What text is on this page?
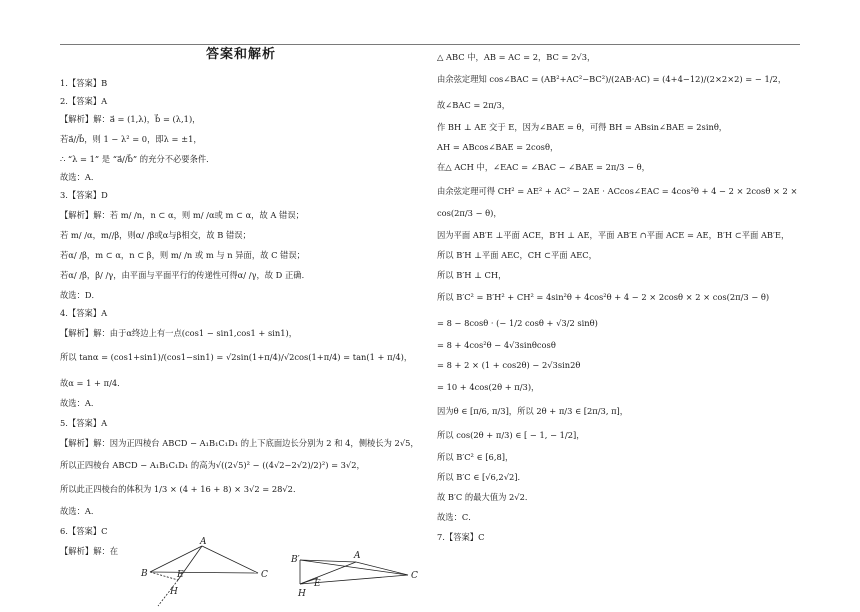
答案和解析
1.【答案】B
2.【答案】A
【解析】解：a⃗ = (1,λ)，b⃗ = (λ,1)，
若a⃗//b⃗，则 1 − λ² = 0，即λ = ±1，
∴ “λ = 1” 是 “a⃗//b⃗” 的充分不必要条件．
故选：A．
3.【答案】D
【解析】解：若 m/ /n，n ⊂ α，则 m/ /α或 m ⊂ α，故 A 错误；
若 m/ /α，m//β，则α/ /β或α与β相交，故 B 错误；
若α/ /β，m ⊂ α，n ⊂ β，则 m/ /n 或 m 与 n 异面，故 C 错误；
若α/ /β，β/ /γ，由平面与平面平行的传递性可得α/ /γ，故 D 正确．
故选：D．
4.【答案】A
【解析】解：由于α终边上有一点(cos1 − sin1,cos1 + sin1)，
所以 tanα = (cos1+sin1)/(cos1−sin1) = √2sin(1+π/4)/√2cos(1+π/4) = tan(1 + π/4)，
故α = 1 + π/4．
故选：A．
5.【答案】A
【解析】解：因为正四棱台 ABCD − A₁B₁C₁D₁ 的上下底面边长分别为 2 和 4，侧棱长为 2√5，
所以正四棱台 ABCD − A₁B₁C₁D₁ 的高为√((2√5)² − ((4√2−2√2)/2)²) = 3√2，
所以此正四棱台的体积为 1/3 × (4 + 16 + 8) × 3√2 = 28√2．
故选：A．
6.【答案】C
【解析】解：在
A
B	C
E
H
B′	A
C
E
H
△ ABC 中，AB = AC = 2，BC = 2√3，
由余弦定理知 cos∠BAC = (AB²+AC²−BC²)/(2AB·AC) = (4+4−12)/(2×2×2) = − 1/2，
故∠BAC = 2π/3，
作 BH ⊥ AE 交于 E，因为∠BAE = θ，可得 BH = ABsin∠BAE = 2sinθ，
AH = ABcos∠BAE = 2cosθ，
在△ ACH 中，∠EAC = ∠BAC − ∠BAE = 2π/3 − θ，
由余弦定理可得 CH² = AE² + AC² − 2AE · ACcos∠EAC = 4cos²θ + 4 − 2 × 2cosθ × 2 ×
cos(2π/3 − θ)，
因为平面 AB′E ⊥平面 ACE，B′H ⊥ AE，平面 AB′E ∩平面 ACE = AE，B′H ⊂平面 AB′E，
所以 B′H ⊥平面 AEC，CH ⊂平面 AEC，
所以 B′H ⊥ CH，
所以 B′C² = B′H² + CH² = 4sin²θ + 4cos²θ + 4 − 2 × 2cosθ × 2 × cos(2π/3 − θ)
= 8 − 8cosθ · (− 1/2 cosθ + √3/2 sinθ)
= 8 + 4cos²θ − 4√3sinθcosθ
= 8 + 2 × (1 + cos2θ) − 2√3sin2θ
= 10 + 4cos(2θ + π/3)，
因为θ ∈ [π/6, π/3]，所以 2θ + π/3 ∈ [2π/3, π]，
所以 cos(2θ + π/3) ∈ [ − 1, − 1/2]，
所以 B′C² ∈ [6,8]，
所以 B′C ∈ [√6,2√2]．
故 B′C 的最大值为 2√2．
故选：C．
7.【答案】C
